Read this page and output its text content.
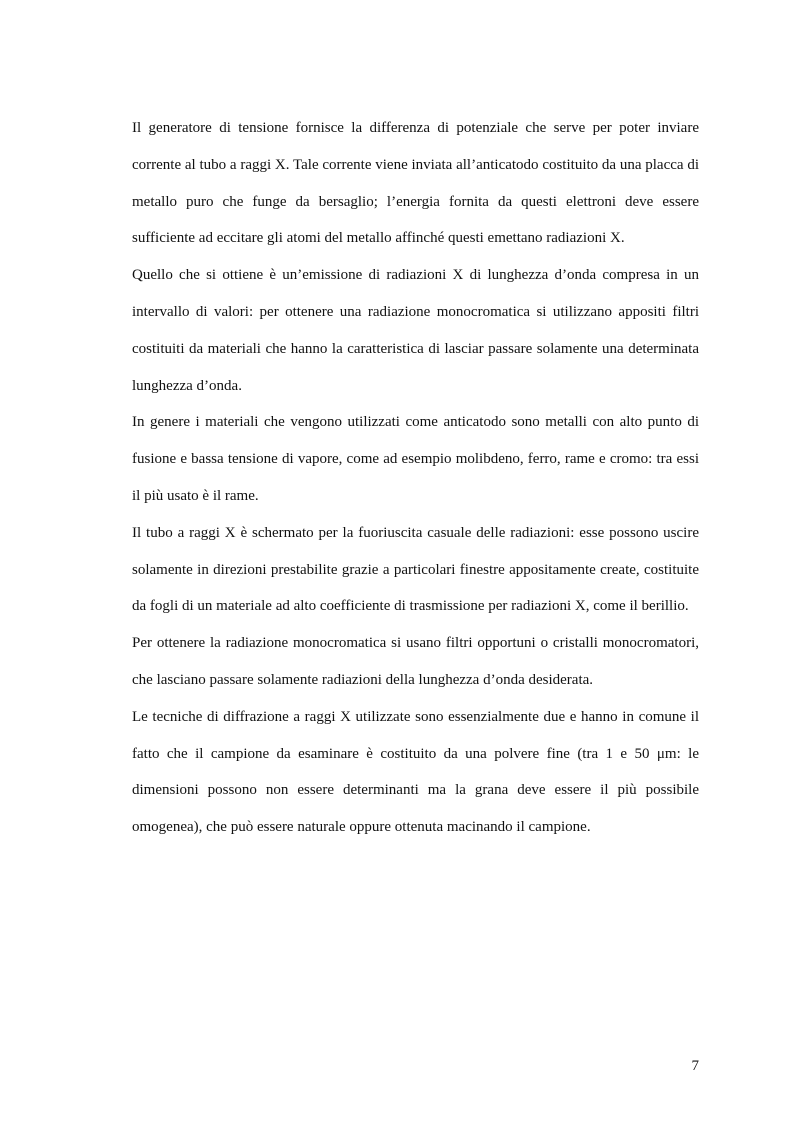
Il generatore di tensione fornisce la differenza di potenziale che serve per poter inviare corrente al tubo a raggi X. Tale corrente viene inviata all’anticatodo costituito da una placca di metallo puro che funge da bersaglio; l’energia fornita da questi elettroni deve essere sufficiente ad eccitare gli atomi del metallo affinché questi emettano radiazioni X.

Quello che si ottiene è un’emissione di radiazioni X di lunghezza d’onda compresa in un intervallo di valori: per ottenere una radiazione monocromatica si utilizzano appositi filtri costituiti da materiali che hanno la caratteristica di lasciar passare solamente una determinata lunghezza d’onda.

In genere i materiali che vengono utilizzati come anticatodo sono metalli con alto punto di fusione e bassa tensione di vapore, come ad esempio molibdeno, ferro, rame e cromo: tra essi il più usato è il rame.

Il tubo a raggi X è schermato per la fuoriuscita casuale delle radiazioni: esse possono uscire solamente in direzioni prestabilite grazie a particolari finestre appositamente create, costituite da fogli di un materiale ad alto coefficiente di trasmissione per radiazioni X, come il berillio.

Per ottenere la radiazione monocromatica si usano filtri opportuni o cristalli monocromatori, che lasciano passare solamente radiazioni della lunghezza d’onda desiderata.

Le tecniche di diffrazione a raggi X utilizzate sono essenzialmente due e hanno in comune il fatto che il campione da esaminare è costituito da una polvere fine (tra 1 e 50 μm: le dimensioni possono non essere determinanti ma la grana deve essere il più possibile omogenea), che può essere naturale oppure ottenuta macinando il campione.

7
